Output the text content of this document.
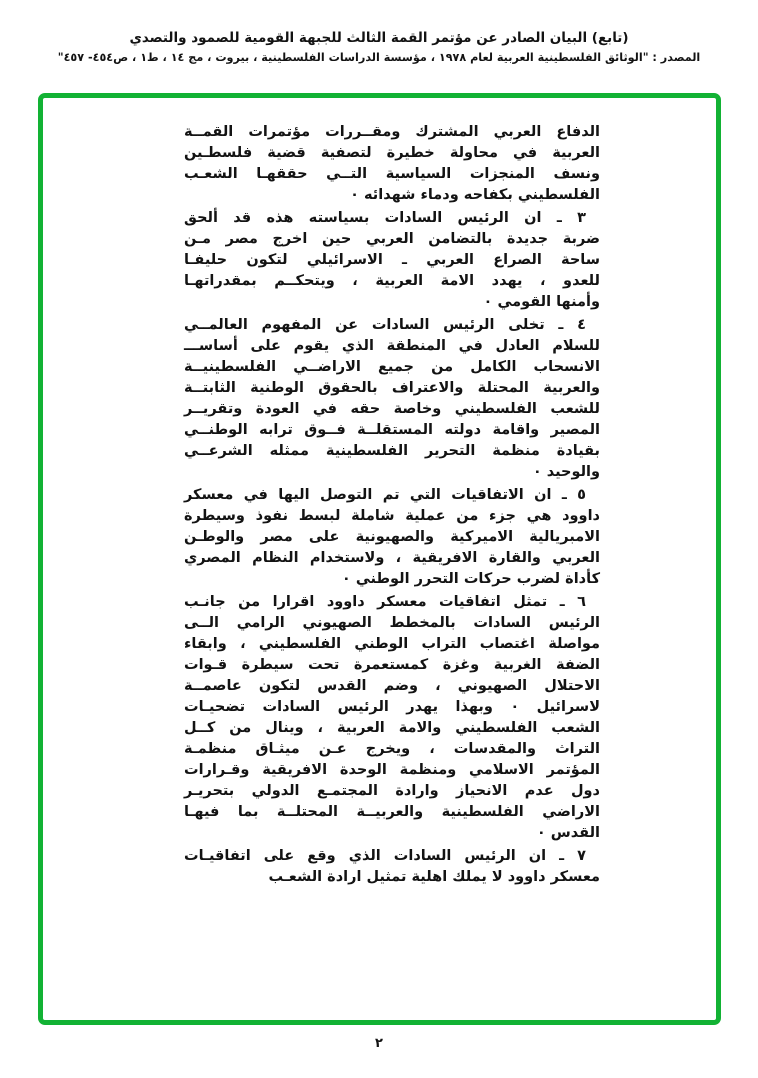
(تابع) البيان الصادر عن مؤتمر القمة الثالث للجبهة القومية للصمود والتصدي
المصدر : "الوثائق الفلسطينية العربية لعام ١٩٧٨ ، مؤسسة الدراسات الفلسطينية ، بيروت ، مج ١٤ ، ط١ ، ص٤٥٤- ٤٥٧"

الدفاع العربي المشترك ومقــررات مؤتمرات القمــة
العربية في محاولة خطيرة لتصفية قضية فلسطـين
ونسف المنجزات السياسية التــي حققهـا الشعـب
الفلسطيني بكفاحه ودماء شهدائه ٠

٣ ـ ان الرئيس السادات بسياسته هذه قد ألحق
ضربة جديدة بالتضامن العربي حين اخرج مصر مـن
ساحة الصراع العربي ـ الاسرائيلي لتكون حليفـا
للعدو ، يهدد الامة العربية ، ويتحكــم بمقدراتهـا
وأمنها القومي ٠

٤ ـ تخلى الرئيس السادات عن المفهوم العالمــي
للسلام العادل في المنطقة الذي يقوم على أساســـ
الانسحاب الكامل من جميع الاراضــي الفلسطينيــة
والعربية المحتلة والاعتراف بالحقوق الوطنية الثابتــة
للشعب الفلسطيني وخاصة حقه في العودة وتقريــر
المصير واقامة دولته المستقلــة فــوق ترابه الوطنــي
بقيادة منظمة التحرير الفلسطينية ممثله الشرعــي
والوحيد ٠

٥ ـ ان الاتفاقيات التي تم التوصل اليها في معسكر
داوود هي جزء من عملية شاملة لبسط نفوذ وسيطرة
الامبريالية الاميركية والصهيونية على مصر والوطـن
العربي والقارة الافريقية ، ولاستخدام النظام المصري
كأداة لضرب حركات التحرر الوطني ٠

٦ ـ تمثل اتفاقيات معسكر داوود اقرارا من جانـب
الرئيس السادات بالمخطط الصهيوني الرامي الــى
مواصلة اغتصاب التراب الوطني الفلسطيني ، وابقاء
الضفة الغربية وغزة كمستعمرة تحت سيطرة قـوات
الاحتلال الصهيوني ، وضم القدس لتكون عاصمــة
لاسرائيل ٠ وبهذا يهدر الرئيس السادات تضحيـات
الشعب الفلسطيني والامة العربية ، وينال من كــل
التراث والمقدسات ، ويخرج عـن ميثـاق منظمـة
المؤتمر الاسلامي ومنظمة الوحدة الافريقية وقـرارات
دول عدم الانحياز وارادة المجتمـع الدولي بتحريـر
الاراضي الفلسطينية والعربيــة المحتلــة بما فيهـا
القدس ٠

٧ ـ ان الرئيس السادات الذي وقع على اتفاقيـات
معسكر داوود لا يملك اهلية تمثيل ارادة الشعـب

٢
